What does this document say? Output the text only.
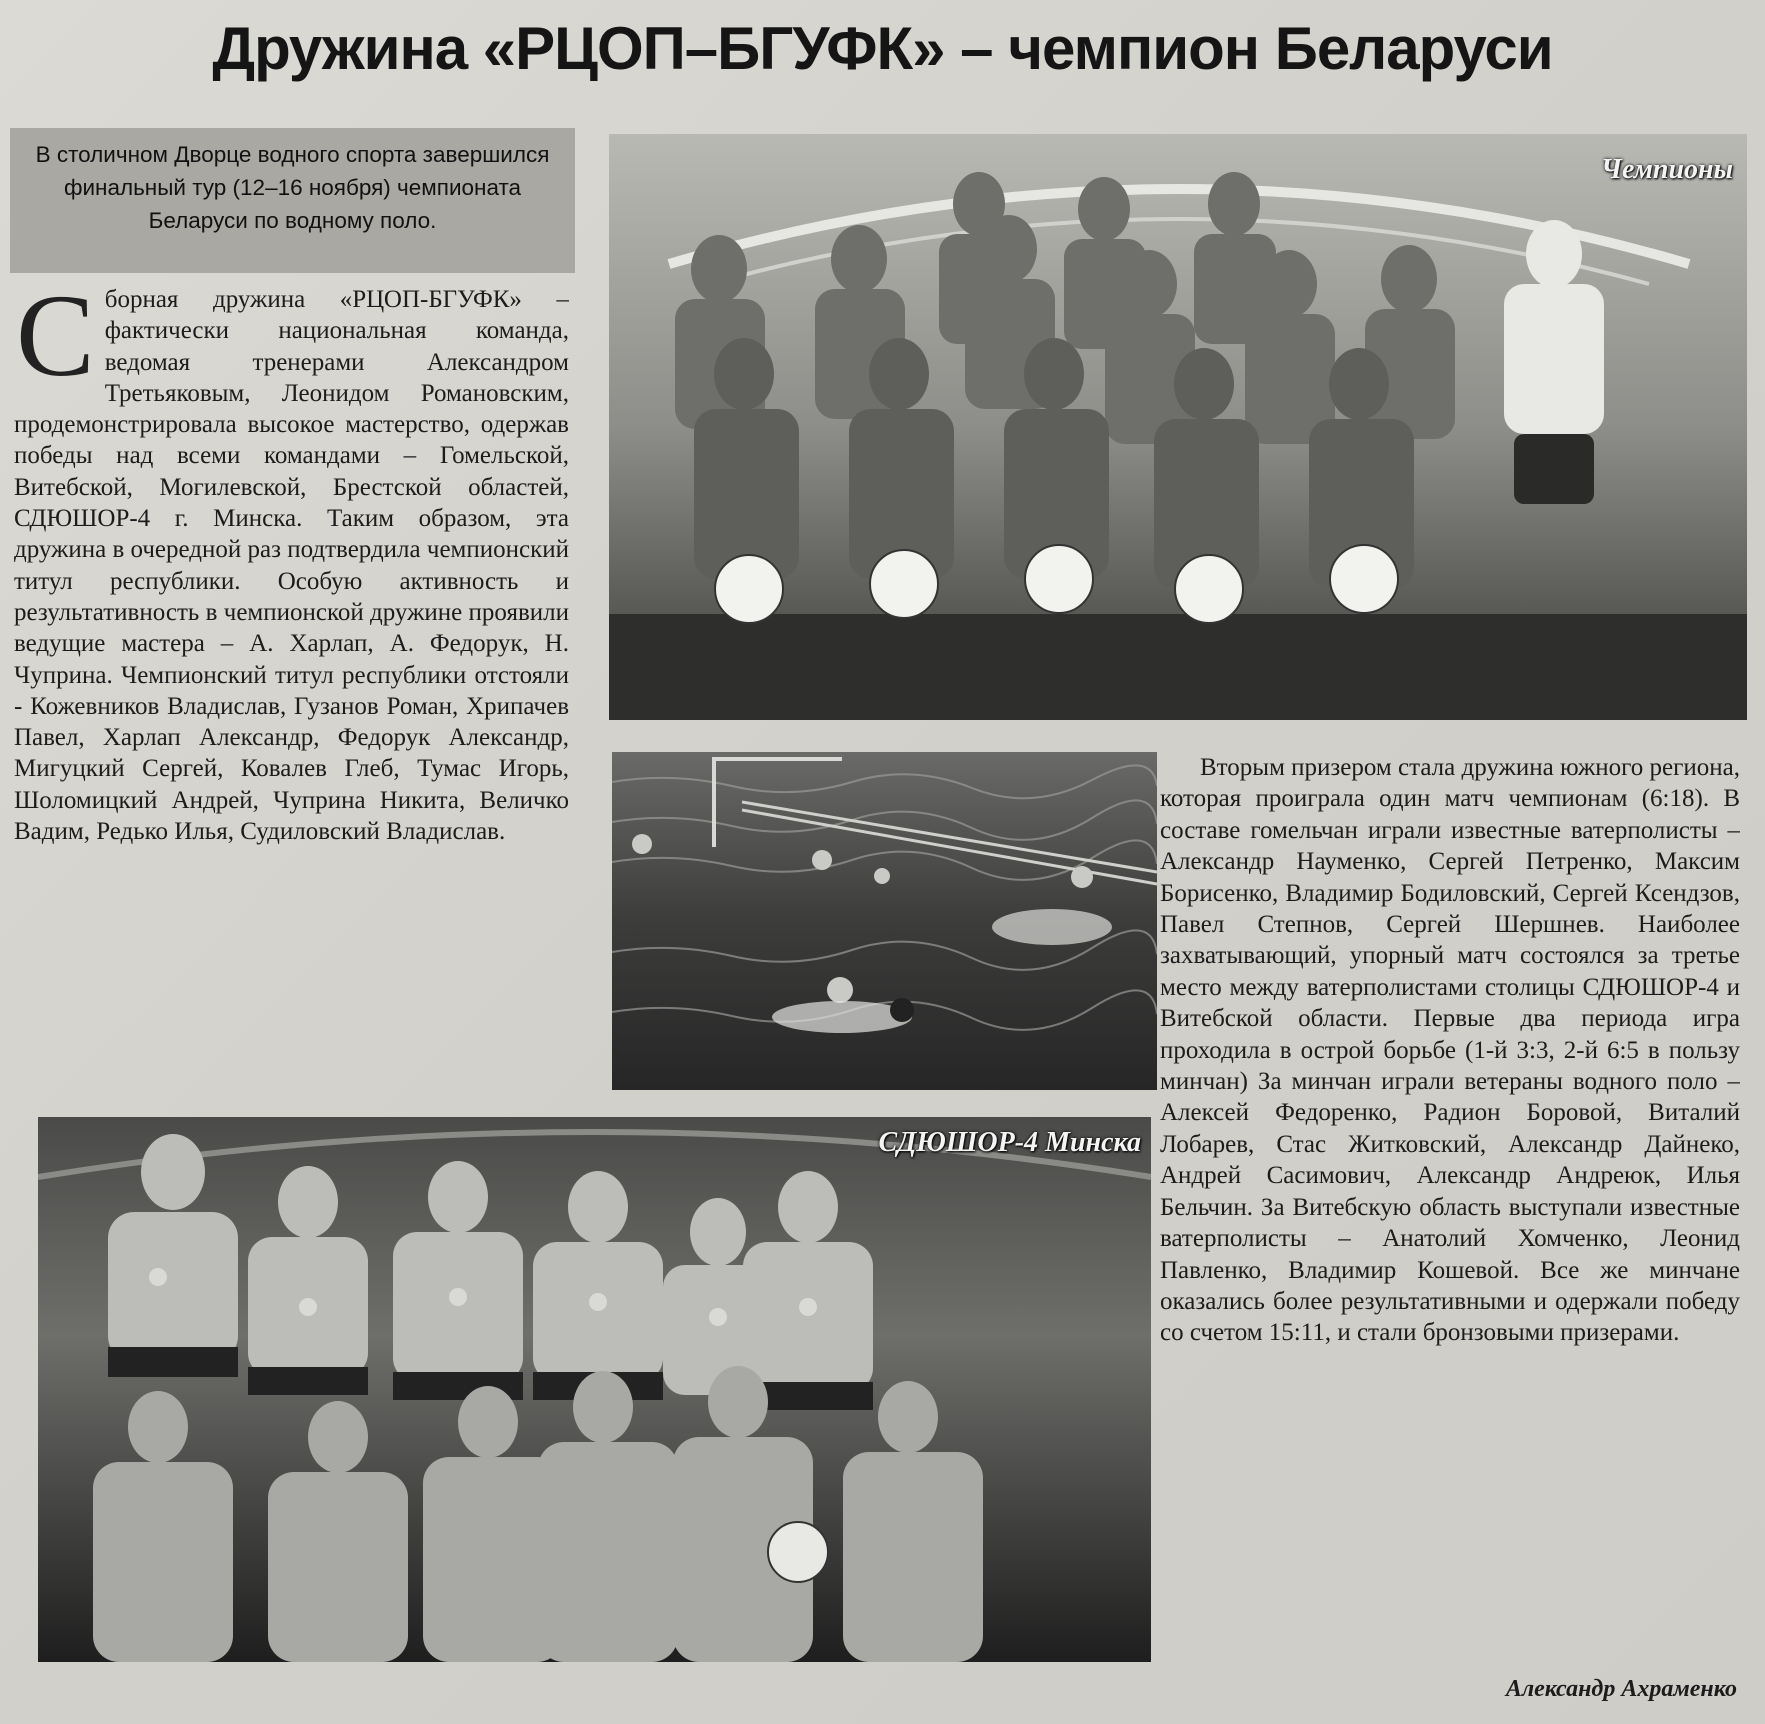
Дружина «РЦОП–БГУФК» – чемпион Беларуси
В столичном Дворце водного спорта завершился финальный тур (12–16 ноября) чемпионата Беларуси по водному поло.
С борная дружина «РЦОП-БГУФК» – фактически национальная команда, ведомая тренерами Александром Третьяковым, Леонидом Романовским, продемонстрировала высокое мастерство, одержав победы над всеми командами – Гомельской, Витебской, Могилевской, Брестской областей, СДЮШОР-4 г. Минска. Таким образом, эта дружина в очередной раз подтвердила чемпионский титул республики. Особую активность и результативность в чемпионской дружине проявили ведущие мастера – А. Харлап, А. Федорук, Н. Чуприна. Чемпионский титул республики отстояли - Кожевников Владислав, Гузанов Роман, Хрипачев Павел, Харлап Александр, Федорук Александр, Мигуцкий Сергей, Ковалев Глеб, Тумас Игорь, Шоломицкий Андрей, Чуприна Никита, Величко Вадим, Редько Илья, Судиловский Владислав.
Чемпионы
Вторым призером стала дружина южного региона, которая проиграла один матч чемпионам (6:18). В составе гомельчан играли известные ватерполисты – Александр Науменко, Сергей Петренко, Максим Борисенко, Владимир Бодиловский, Сергей Ксендзов, Павел Степнов, Сергей Шершнев. Наиболее захватывающий, упорный матч состоялся за третье место между ватерполистами столицы СДЮШОР-4 и Витебской области. Первые два периода игра проходила в острой борьбе (1-й 3:3, 2-й 6:5 в пользу минчан) За минчан играли ветераны водного поло – Алексей Федоренко, Радион Боровой, Виталий Лобарев, Стас Житковский, Александр Дайнеко, Андрей Сасимович, Александр Андреюк, Илья Бельчин. За Витебскую область выступали известные ватерполисты – Анатолий Хомченко, Леонид Павленко, Владимир Кошевой. Все же минчане оказались более результативными и одержали победу со счетом 15:11, и стали бронзовыми призерами.
СДЮШОР-4 Минска
Александр Ахраменко
